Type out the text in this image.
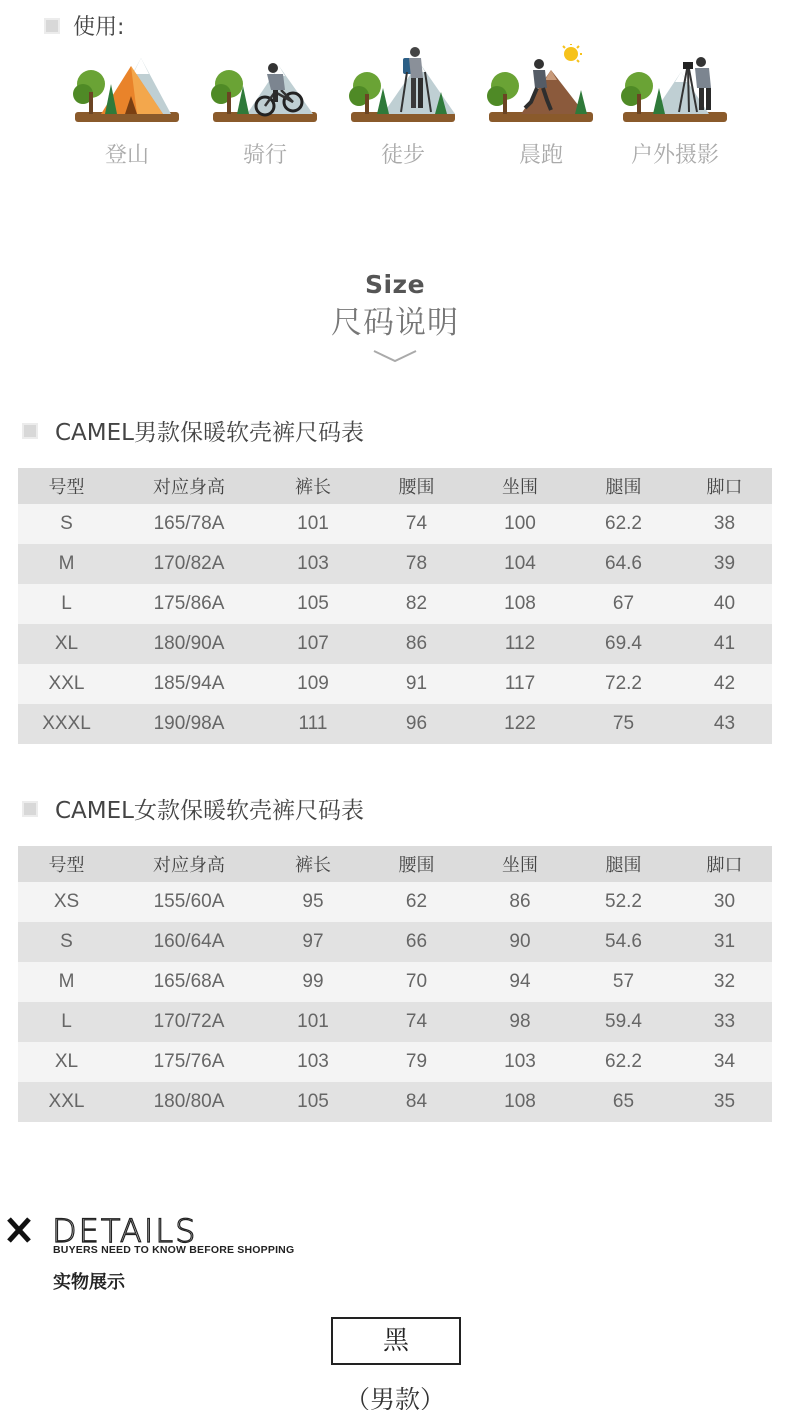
使用:
登山	骑行	徒步	晨跑	户外摄影
Size
尺码说明
CAMEL男款保暖软壳裤尺码表
号型	对应身高	裤长	腰围	坐围	腿围	脚口
S	165/78A	101	74	100	62.2	38
M	170/82A	103	78	104	64.6	39
L	175/86A	105	82	108	67	40
XL	180/90A	107	86	112	69.4	41
XXL	185/94A	109	91	117	72.2	42
XXXL	190/98A	111	96	122	75	43
CAMEL女款保暖软壳裤尺码表
号型	对应身高	裤长	腰围	坐围	腿围	脚口
XS	155/60A	95	62	86	52.2	30
S	160/64A	97	66	90	54.6	31
M	165/68A	99	70	94	57	32
L	170/72A	101	74	98	59.4	33
XL	175/76A	103	79	103	62.2	34
XXL	180/80A	105	84	108	65	35
DETAILS
BUYERS NEED TO KNOW BEFORE SHOPPING
实物展示
黑
（男款）
